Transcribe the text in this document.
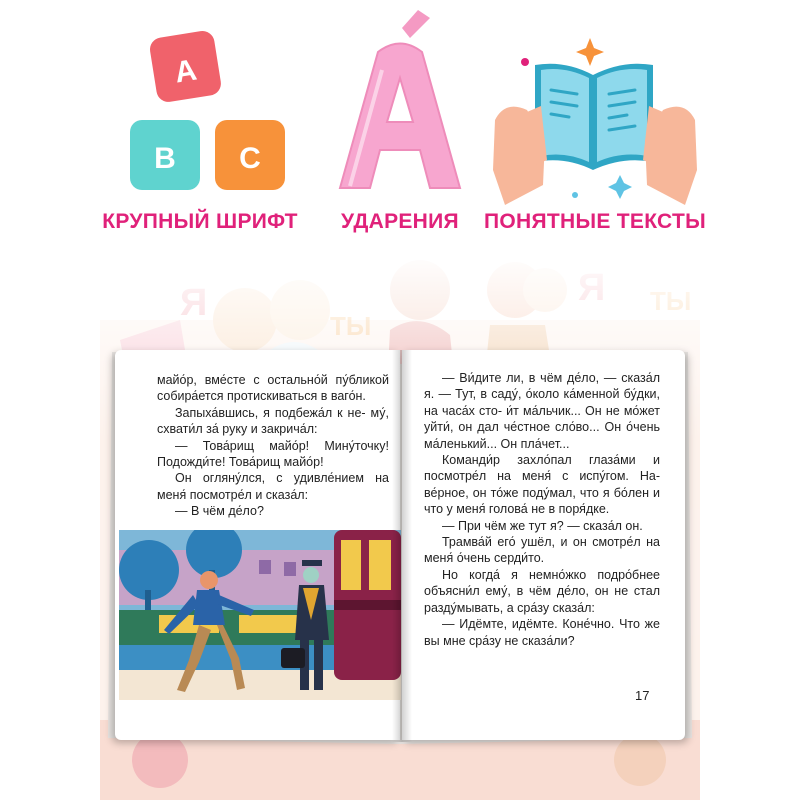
A
B C
КРУПНЫЙ ШРИФТ	УДАРЕНИЯ	ПОНЯТНЫЕ ТЕКСТЫ

майо́р, вме́сте с остально́й пу́бликой собира́ется протискиваться в ваго́н.

Запыха́вшись, я подбежа́л к не- му́, схвати́л за́ руку и закрича́л:

— Това́рищ майо́р! Мину́точку! Подожди́те! Това́рищ майо́р!

Он огляну́лся, с удивле́нием на меня́ посмотре́л и сказа́л:

— В чём де́ло?

— Ви́дите ли, в чём де́ло, — сказа́л я. — Тут, в саду́, о́коло ка́менной бу́дки, на часа́х сто- и́т ма́льчик... Он не мо́жет уйти́, он дал че́стное сло́во... Он о́чень ма́ленький... Он пла́чет...

Команди́р захло́пал глаза́ми и посмотре́л на меня́ с испу́гом. На- ве́рное, он то́же поду́мал, что я бо́лен и что у меня́ голова́ не в поря́дке.

— При чём же тут я? — сказа́л он.

Трамва́й его́ ушёл, и он смотре́л на меня́ о́чень серди́то.

Но когда́ я немно́жко подро́бнее объясни́л ему́, в чём де́ло, он не стал разду́мывать, а сра́зу сказа́л:

— Идёмте, идёмте. Коне́чно. Что же вы мне сра́зу не сказа́ли?

17
